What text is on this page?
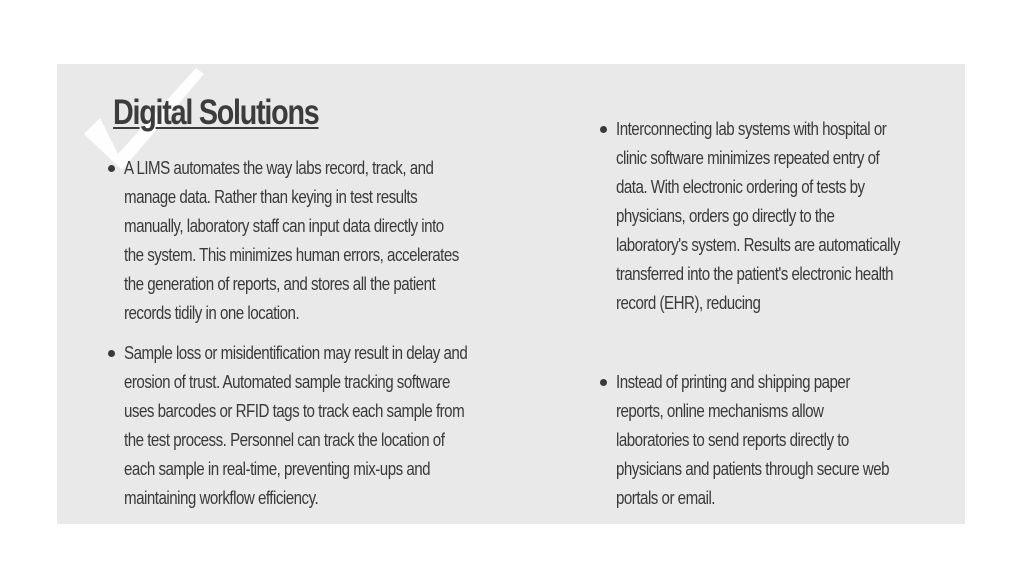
Digital Solutions
A LIMS automates the way labs record, track, and
manage data. Rather than keying in test results
manually, laboratory staff can input data directly into
the system. This minimizes human errors, accelerates
the generation of reports, and stores all the patient
records tidily in one location.
Sample loss or misidentification may result in delay and
erosion of trust. Automated sample tracking software
uses barcodes or RFID tags to track each sample from
the test process. Personnel can track the location of
each sample in real-time, preventing mix-ups and
maintaining workflow efficiency.
Interconnecting lab systems with hospital or
clinic software minimizes repeated entry of
data. With electronic ordering of tests by
physicians, orders go directly to the
laboratory's system. Results are automatically
transferred into the patient's electronic health
record (EHR), reducing
Instead of printing and shipping paper
reports, online mechanisms allow
laboratories to send reports directly to
physicians and patients through secure web
portals or email.
